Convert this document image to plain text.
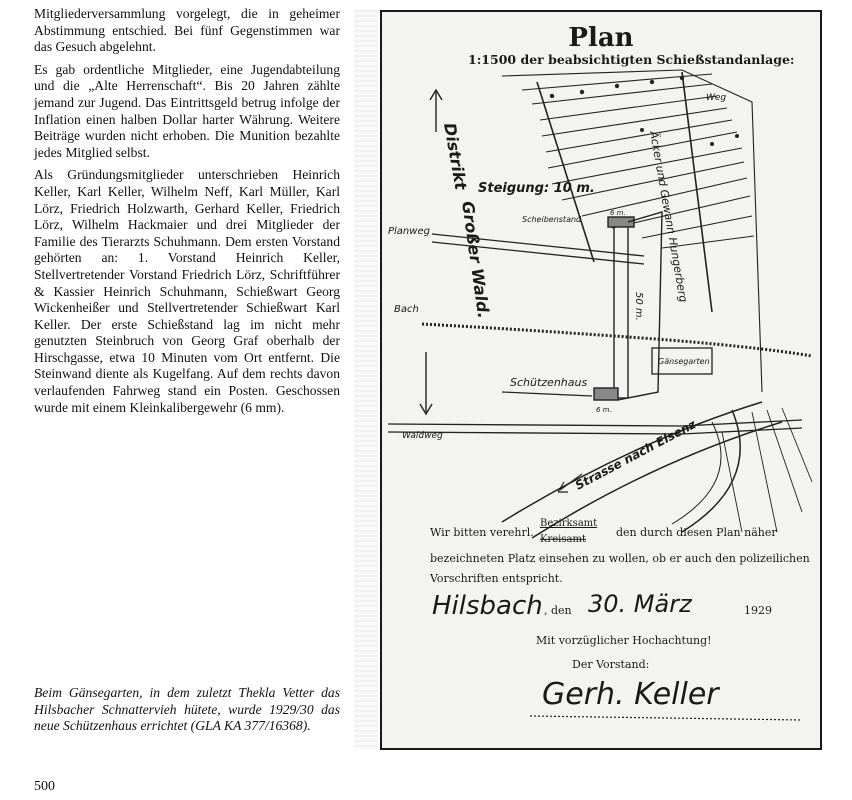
Mitgliederversammlung vorgelegt, die in geheimer Abstimmung entschied. Bei fünf Gegenstimmen war das Gesuch abgelehnt.

Es gab ordentliche Mitglieder, eine Jugendabteilung und die „Alte Herrenschaft“. Bis 20 Jahren zählte jemand zur Jugend. Das Eintrittsgeld betrug infolge der Inflation einen halben Dollar harter Währung. Weitere Beiträge wurden nicht erhoben. Die Munition bezahlte jedes Mitglied selbst.

Als Gründungsmitglieder unterschrieben Heinrich Keller, Karl Keller, Wilhelm Neff, Karl Müller, Karl Lörz, Friedrich Holzwarth, Gerhard Keller, Friedrich Lörz, Wilhelm Hackmaier und drei Mitglieder der Familie des Tierarzts Schuhmann. Dem ersten Vorstand gehörten an: 1. Vorstand Heinrich Keller, Stellvertretender Vorstand Friedrich Lörz, Schriftführer & Kassier Heinrich Schuhmann, Schießwart Georg Wickenheißer und Stellvertretender Schießwart Karl Keller. Der erste Schießstand lag im nicht mehr genutzten Steinbruch von Georg Graf oberhalb der Hirschgasse, etwa 10 Minuten vom Ort entfernt. Die Steinwand diente als Kugelfang. Auf dem rechts davon verlaufenden Fahrweg stand ein Posten. Geschossen wurde mit einem Kleinkalibergewehr (6 mm).

Beim Gänsegarten, in dem zuletzt Thekla Vetter das Hilsbacher Schnattervieh hütete, wurde 1929/30 das neue Schützenhaus errichtet (GLA KA 377/16368).

500

Plan
1:1500 der beabsichtigten Schießstandanlage:
Weg
Äcker und Gewann Hungerberg
Distrikt
Großer Wald.
Steigung: 10 m.
Scheibenstand
Planweg
50 m.
6 m.
6 m.
Bach
Gänsegarten
Schützenhaus
Waldweg	Strasse nach Elsenz
Wir bitten verehrl.
Bezirksamt
Kreisamt
den durch diesen Plan näher
bezeichneten Platz einsehen zu wollen, ob er auch den polizeilichen
Vorschriften entspricht.
Hilsbach , den 30. März	1929
Mit vorzüglicher Hochachtung!
Der Vorstand:
Gerh. Keller
